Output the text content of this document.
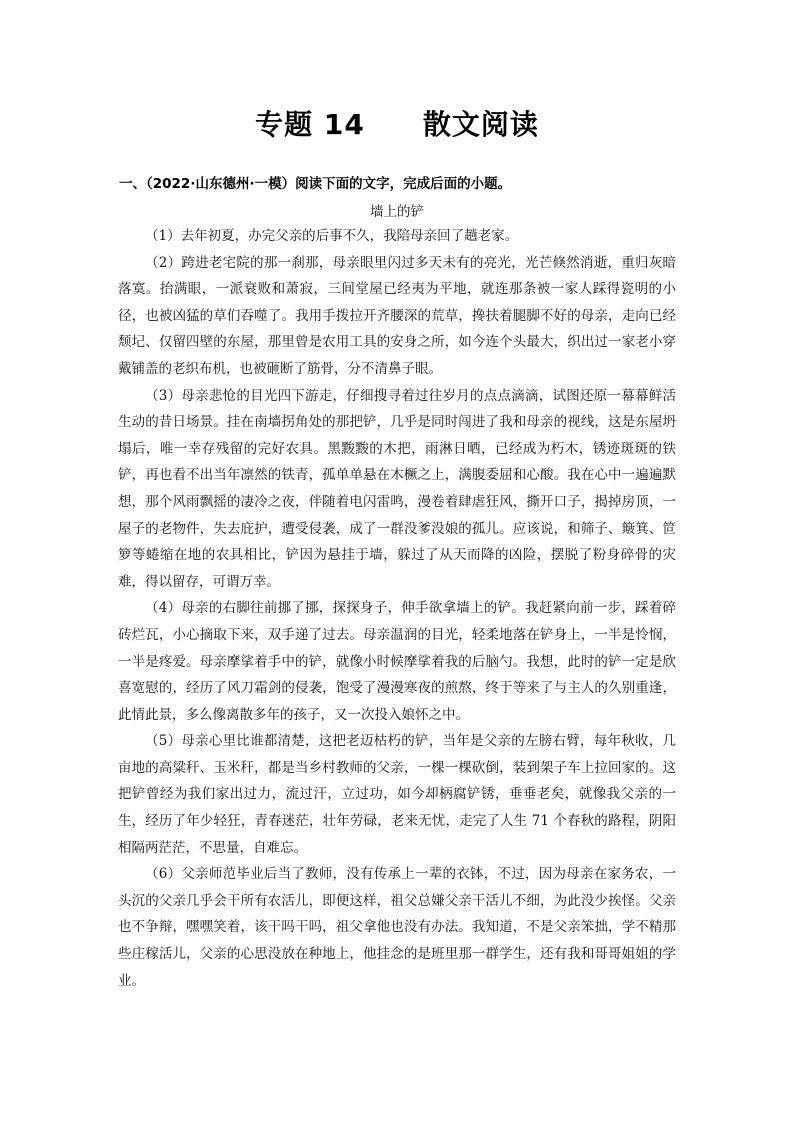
专题 14　　散文阅读
一、（2022·山东德州·一模）阅读下面的文字，完成后面的小题。
墙上的铲

（1）去年初夏，办完父亲的后事不久，我陪母亲回了趟老家。

（2）跨进老宅院的那一刹那，母亲眼里闪过多天未有的亮光，光芒倏然消逝，重归灰暗落寞。抬满眼，一派衰败和萧寂，三间堂屋已经夷为平地，就连那条被一家人踩得瓷明的小径，也被凶猛的草们吞噬了。我用手拨拉开齐腰深的荒草，搀扶着腿脚不好的母亲，走向已经颓圮、仅留四壁的东屋，那里曾是农用工具的安身之所，如今连个头最大，织出过一家老小穿戴铺盖的老织布机，也被砸断了筋骨，分不清鼻子眼。

（3）母亲悲怆的目光四下游走，仔细搜寻着过往岁月的点点滴滴，试图还原一幕幕鲜活生动的昔日场景。挂在南墙拐角处的那把铲，几乎是同时闯进了我和母亲的视线，这是东屋坍塌后，唯一幸存残留的完好农具。黑黢黢的木把，雨淋日晒，已经成为朽木，锈迹斑斑的铁铲，再也看不出当年凛然的铁青，孤单单悬在木橛之上，满腹委屈和心酸。我在心中一遍遍默想，那个风雨飘摇的凄冷之夜，伴随着电闪雷鸣，漫卷着肆虐狂风，撕开口子，揭掉房顶，一屋子的老物件，失去庇护，遭受侵袭，成了一群没爹没娘的孤儿。应该说，和筛子、簸箕、笸箩等蜷缩在地的农具相比，铲因为悬挂于墙，躲过了从天而降的凶险，摆脱了粉身碎骨的灾难，得以留存，可谓万幸。

（4）母亲的右脚往前挪了挪，探探身子，伸手欲拿墙上的铲。我赶紧向前一步，踩着碎砖烂瓦，小心摘取下来，双手递了过去。母亲温润的目光，轻柔地落在铲身上，一半是怜悯，一半是疼爱。母亲摩挲着手中的铲，就像小时候摩挲着我的后脑勺。我想，此时的铲一定是欣喜宽慰的，经历了风刀霜剑的侵袭，饱受了漫漫寒夜的煎熬，终于等来了与主人的久别重逢，此情此景，多么像离散多年的孩子，又一次投入娘怀之中。

（5）母亲心里比谁都清楚，这把老迈枯朽的铲，当年是父亲的左膀右臂，每年秋收，几亩地的高粱秆、玉米秆，都是当乡村教师的父亲，一棵一棵砍倒，装到架子车上拉回家的。这把铲曾经为我们家出过力，流过汗，立过功，如今却柄腐铲锈，垂垂老矣，就像我父亲的一生，经历了年少轻狂，青春迷茫，壮年劳碌，老来无忧，走完了人生 71 个春秋的路程，阴阳相隔两茫茫，不思量，自难忘。

（6）父亲师范毕业后当了教师，没有传承上一辈的衣钵，不过，因为母亲在家务农，一头沉的父亲几乎会干所有农活儿，即便这样，祖父总嫌父亲干活儿不细，为此没少挨怪。父亲也不争辩，嘿嘿笑着，该干吗干吗，祖父拿他也没有办法。我知道，不是父亲笨拙，学不精那些庄稼活儿，父亲的心思没放在种地上，他挂念的是班里那一群学生，还有我和哥哥姐姐的学业。
